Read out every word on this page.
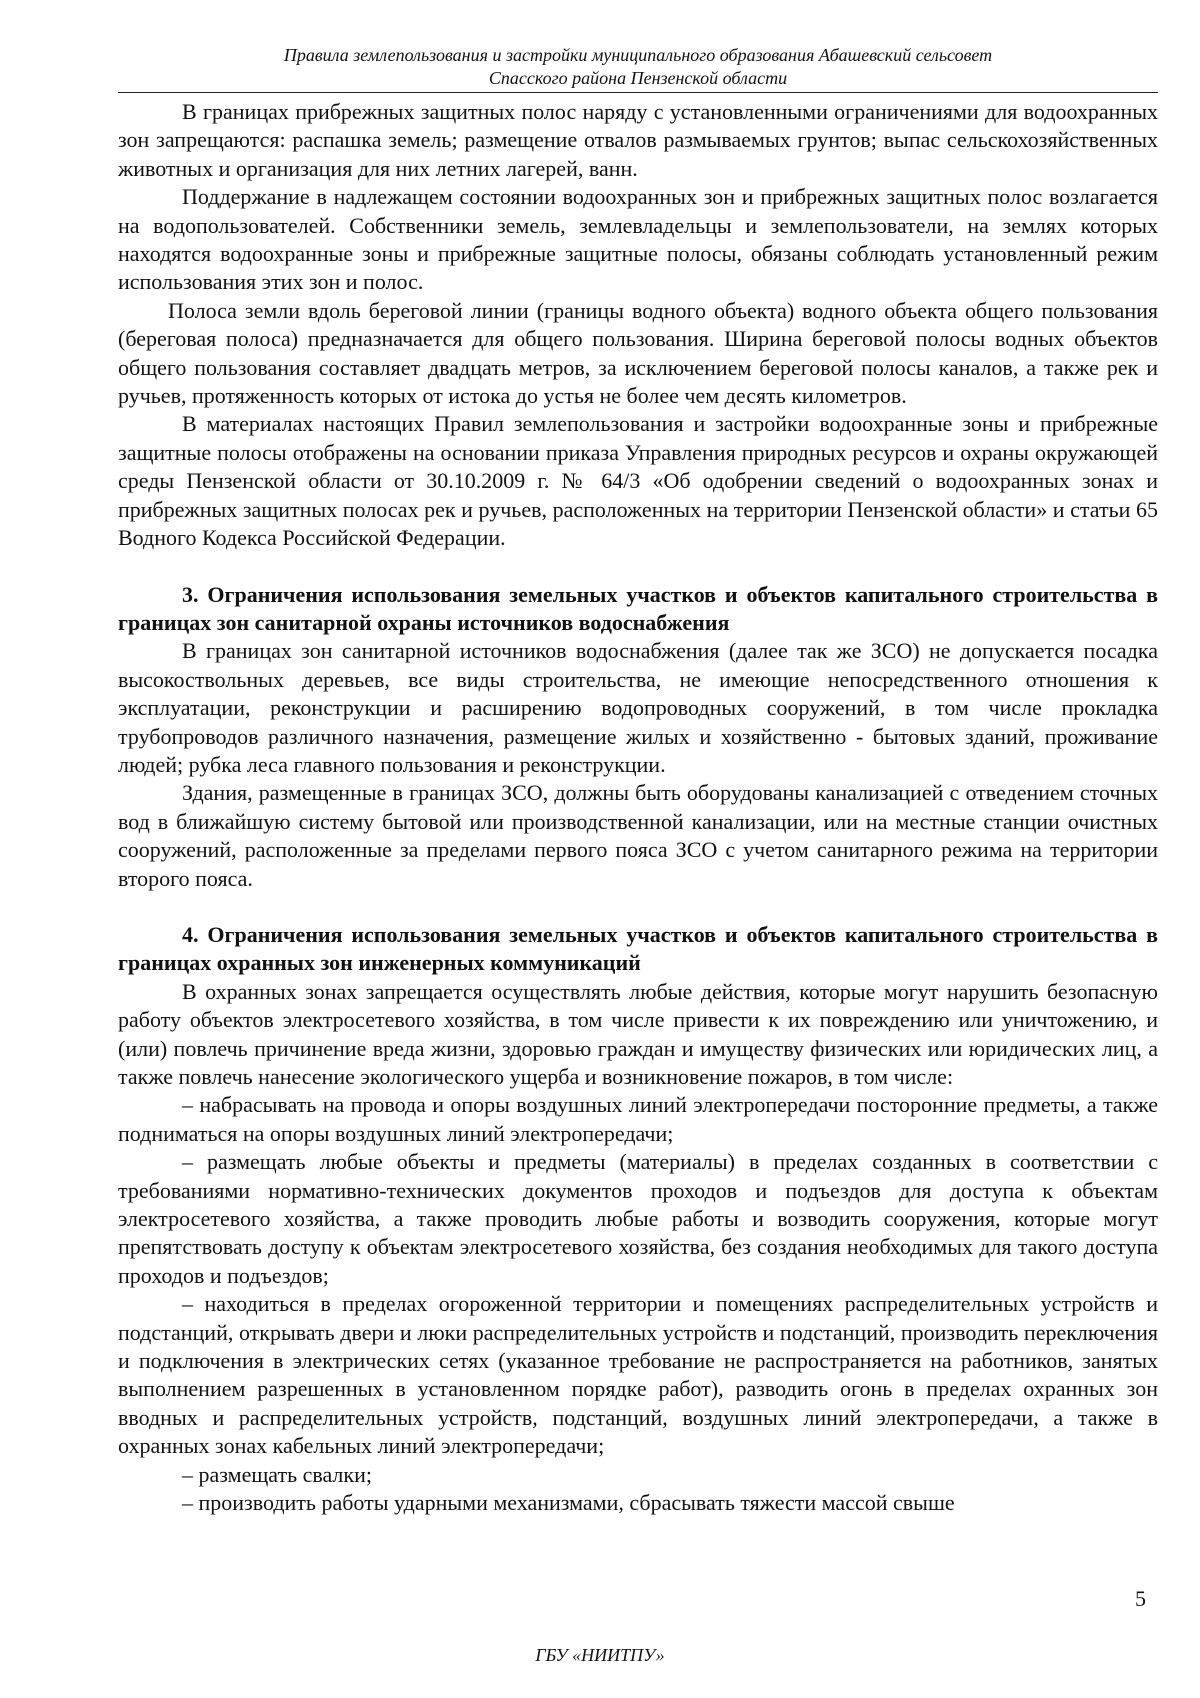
Правила землепользования и застройки муниципального образования Абашевский сельсовет
Спасского района Пензенской области

В границах прибрежных защитных полос наряду с установленными ограничениями для водоохранных зон запрещаются: распашка земель; размещение отвалов размываемых грунтов; выпас сельскохозяйственных животных и организация для них летних лагерей, ванн.

Поддержание в надлежащем состоянии водоохранных зон и прибрежных защитных полос возлагается на водопользователей. Собственники земель, землевладельцы и землепользователи, на землях которых находятся водоохранные зоны и прибрежные защитные полосы, обязаны соблюдать установленный режим использования этих зон и полос.

Полоса земли вдоль береговой линии (границы водного объекта) водного объекта общего пользования (береговая полоса) предназначается для общего пользования. Ширина береговой полосы водных объектов общего пользования составляет двадцать метров, за исключением береговой полосы каналов, а также рек и ручьев, протяженность которых от истока до устья не более чем десять километров.

В материалах настоящих Правил землепользования и застройки водоохранные зоны и прибрежные защитные полосы отображены на основании приказа Управления природных ресурсов и охраны окружающей среды Пензенской области от 30.10.2009 г. № 64/3 «Об одобрении сведений о водоохранных зонах и прибрежных защитных полосах рек и ручьев, расположенных на территории Пензенской области» и статьи 65 Водного Кодекса Российской Федерации.

3. Ограничения использования земельных участков и объектов капитального строительства в границах зон санитарной охраны источников водоснабжения

В границах зон санитарной источников водоснабжения (далее так же ЗСО) не допускается посадка высокоствольных деревьев, все виды строительства, не имеющие непосредственного отношения к эксплуатации, реконструкции и расширению водопроводных сооружений, в том числе прокладка трубопроводов различного назначения, размещение жилых и хозяйственно - бытовых зданий, проживание людей; рубка леса главного пользования и реконструкции.

Здания, размещенные в границах ЗСО, должны быть оборудованы канализацией с отведением сточных вод в ближайшую систему бытовой или производственной канализации, или на местные станции очистных сооружений, расположенные за пределами первого пояса ЗСО с учетом санитарного режима на территории второго пояса.

4. Ограничения использования земельных участков и объектов капитального строительства в границах охранных зон инженерных коммуникаций

В охранных зонах запрещается осуществлять любые действия, которые могут нарушить безопасную работу объектов электросетевого хозяйства, в том числе привести к их повреждению или уничтожению, и (или) повлечь причинение вреда жизни, здоровью граждан и имуществу физических или юридических лиц, а также повлечь нанесение экологического ущерба и возникновение пожаров, в том числе:

– набрасывать на провода и опоры воздушных линий электропередачи посторонние предметы, а также подниматься на опоры воздушных линий электропередачи;

– размещать любые объекты и предметы (материалы) в пределах созданных в соответствии с требованиями нормативно-технических документов проходов и подъездов для доступа к объектам электросетевого хозяйства, а также проводить любые работы и возводить сооружения, которые могут препятствовать доступу к объектам электросетевого хозяйства, без создания необходимых для такого доступа проходов и подъездов;

– находиться в пределах огороженной территории и помещениях распределительных устройств и подстанций, открывать двери и люки распределительных устройств и подстанций, производить переключения и подключения в электрических сетях (указанное требование не распространяется на работников, занятых выполнением разрешенных в установленном порядке работ), разводить огонь в пределах охранных зон вводных и распределительных устройств, подстанций, воздушных линий электропередачи, а также в охранных зонах кабельных линий электропередачи;

– размещать свалки;

– производить работы ударными механизмами, сбрасывать тяжести массой свыше

5
ГБУ «НИИТПУ»
